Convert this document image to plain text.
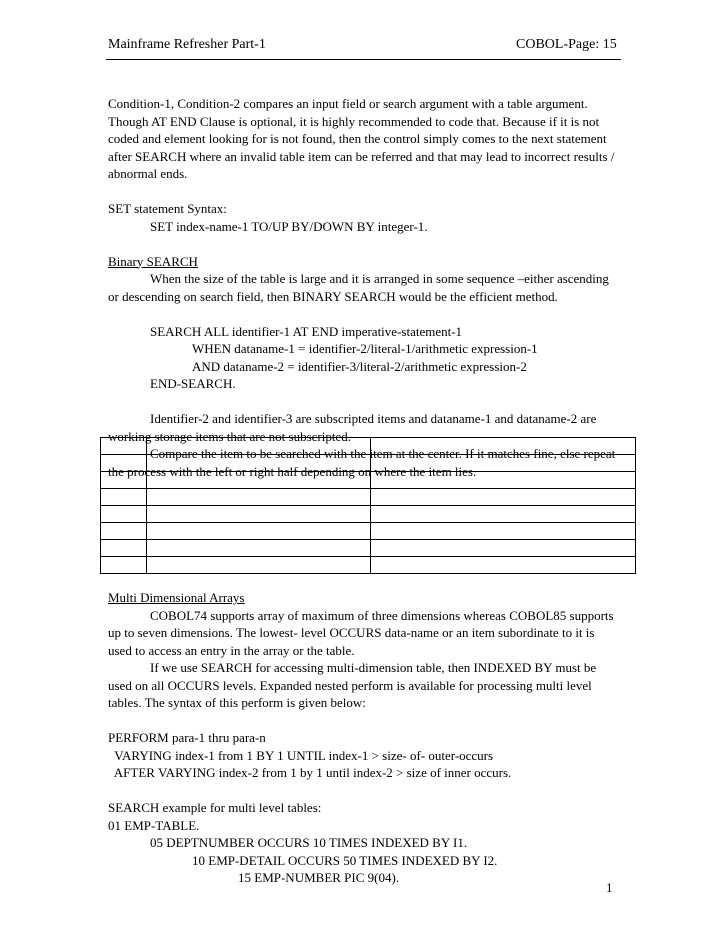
Mainframe Refresher Part-1	COBOL-Page: 15

Condition-1, Condition-2 compares an input field or search argument with a table argument.

Though AT END Clause is optional, it is highly recommended to code that. Because if it is not

coded and element looking for is not found, then the control simply comes to the next statement

after SEARCH where an invalid table item can be referred and that may lead to incorrect results /

abnormal ends.

SET statement Syntax:

SET index-name-1 TO/UP BY/DOWN BY integer-1.

Binary SEARCH

When the size of the table is large and it is arranged in some sequence –either ascending

or descending on search field, then BINARY SEARCH would be the efficient method.

SEARCH ALL identifier-1 AT END imperative-statement-1

WHEN dataname-1 = identifier-2/literal-1/arithmetic expression-1

AND dataname-2 = identifier-3/literal-2/arithmetic expression-2

END-SEARCH.

Identifier-2 and identifier-3 are subscripted items and dataname-1 and dataname-2 are

working storage items that are not subscripted.

Compare the item to be searched with the item at the center. If it matches fine, else repeat

the process with the left or right half depending on where the item lies.

Multi Dimensional Arrays

COBOL74 supports array of maximum of three dimensions whereas COBOL85 supports

up to seven dimensions. The lowest- level OCCURS data-name or an item subordinate to it is

used to access an entry in the array or the table.

If we use SEARCH for accessing multi-dimension table, then INDEXED BY must be

used on all OCCURS levels. Expanded nested perform is available for processing multi level

tables. The syntax of this perform is given below:

PERFORM para-1 thru para-n

VARYING index-1 from 1 BY 1 UNTIL index-1 > size- of- outer-occurs

AFTER VARYING index-2 from 1 by 1 until index-2 > size of inner occurs.

SEARCH example for multi level tables:

01 EMP-TABLE.

05 DEPTNUMBER OCCURS 10 TIMES INDEXED BY I1.

10 EMP-DETAIL OCCURS 50 TIMES INDEXED BY I2.

15 EMP-NUMBER PIC 9(04).

1
